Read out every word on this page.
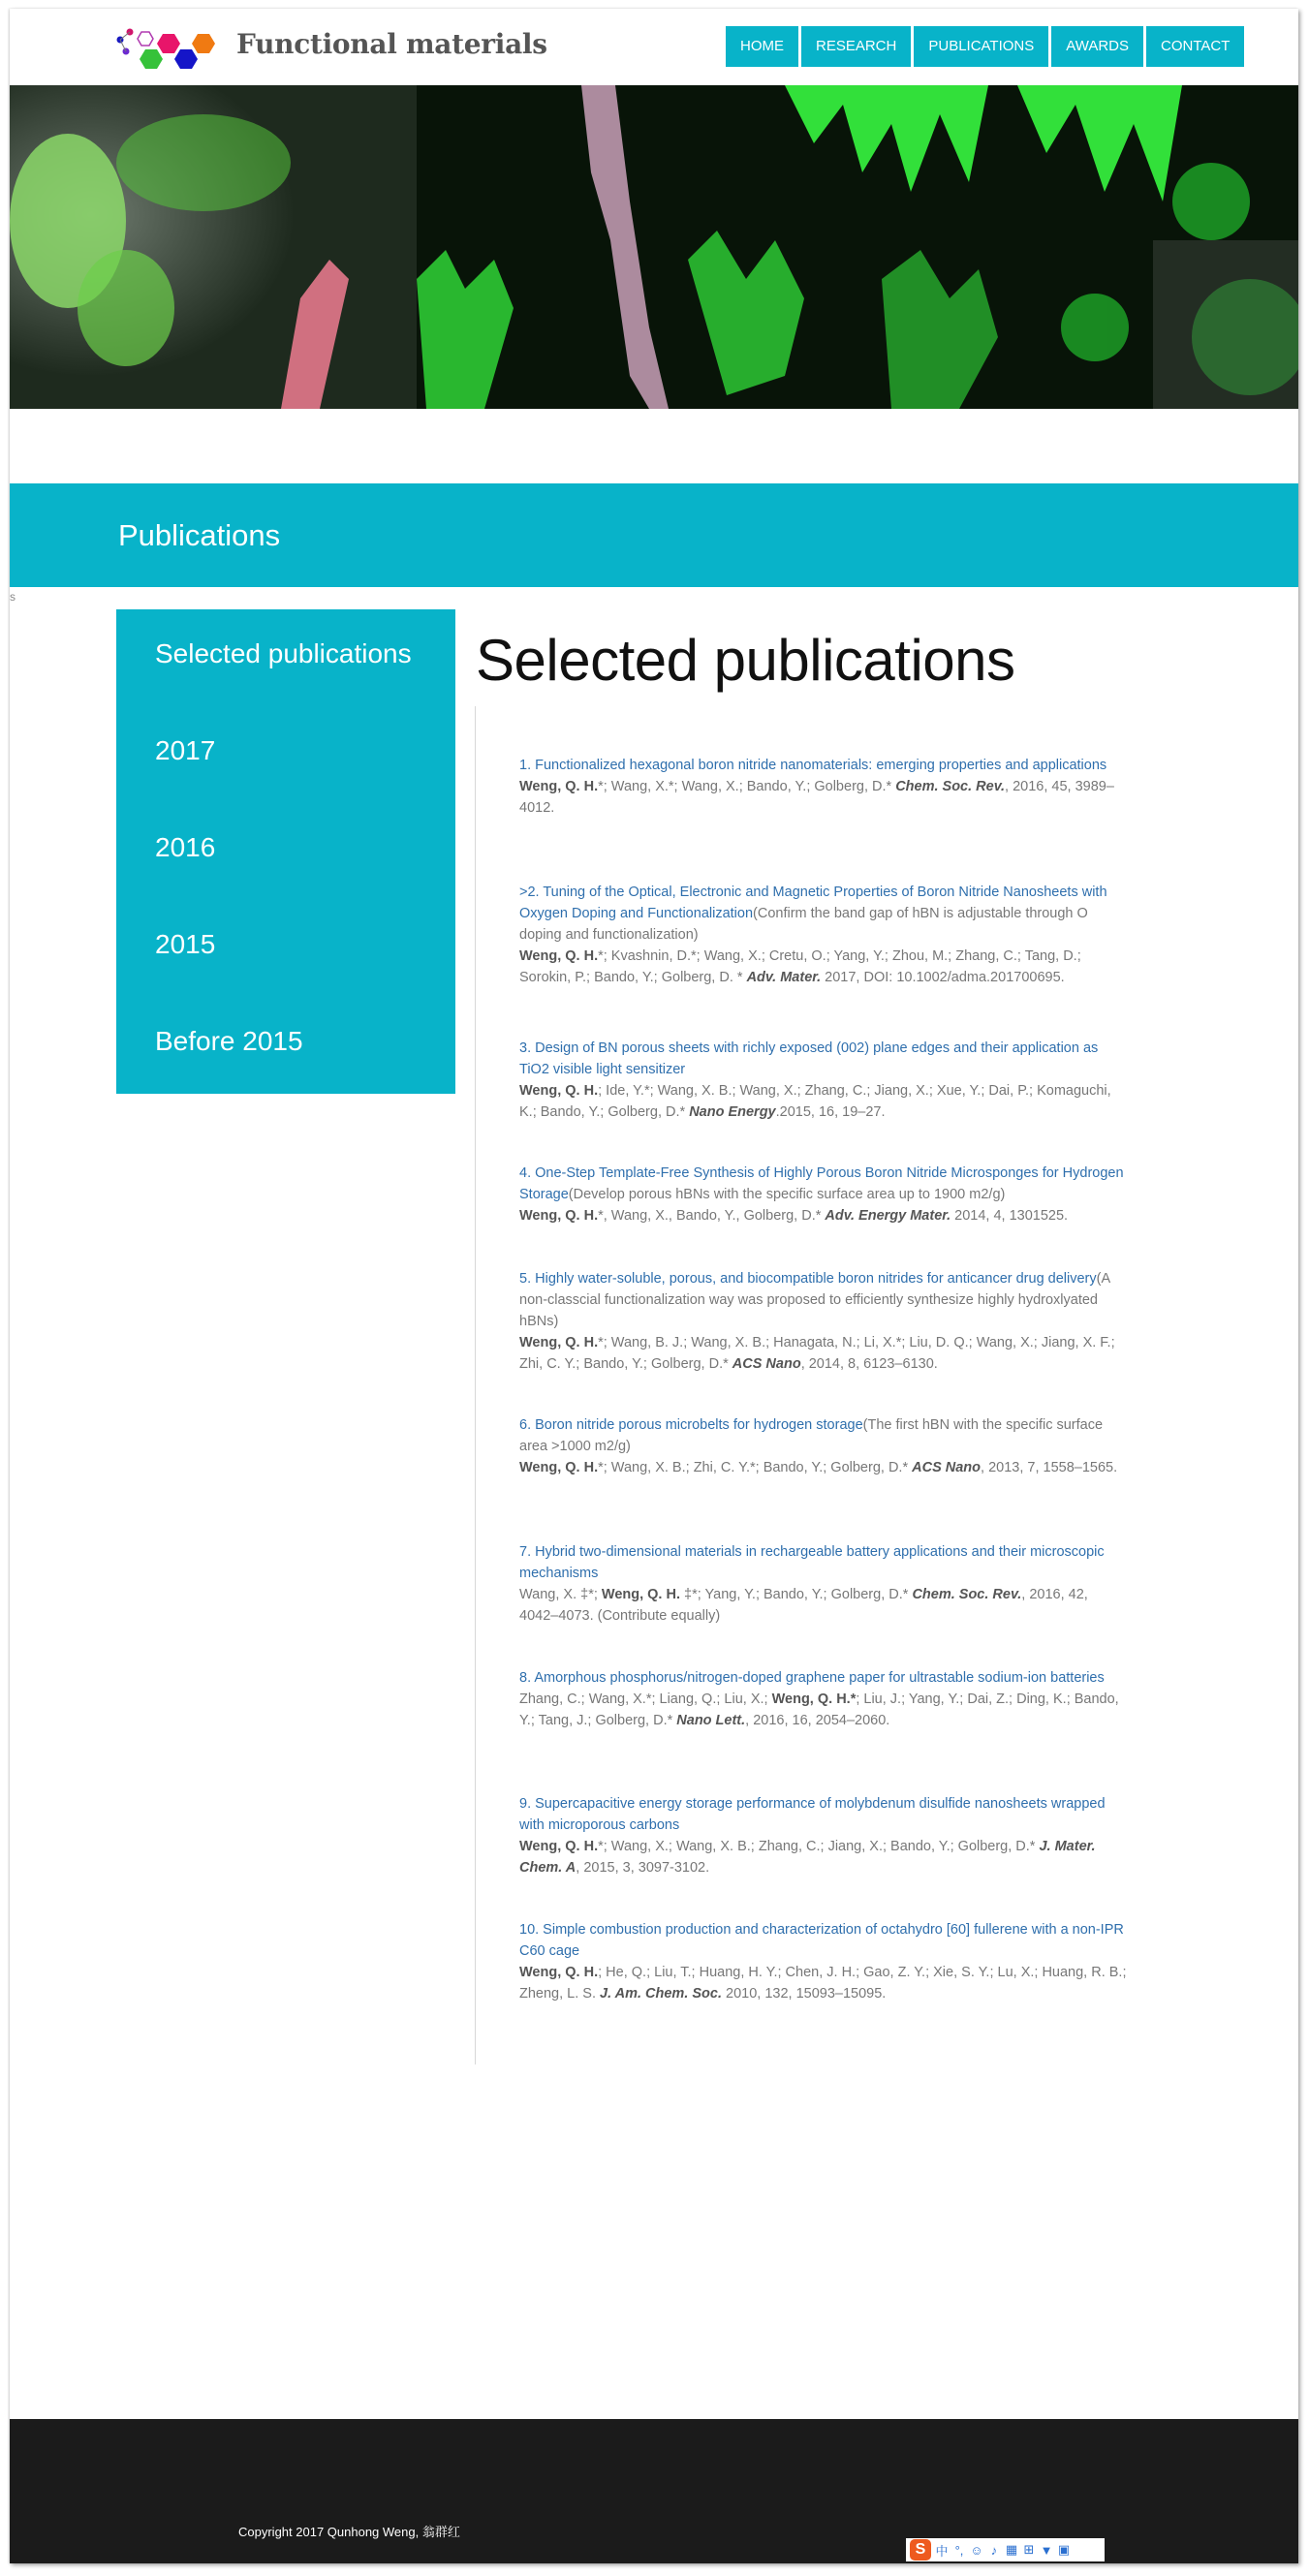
Functional materials	HOME	RESEARCH	PUBLICATIONS	AWARDS	CONTACT
Publications
s
Selected publications
2017
2016
2015
Before 2015
Selected publications
1. Functionalized hexagonal boron nitride nanomaterials: emerging properties and applications
Weng, Q. H.*; Wang, X.*; Wang, X.; Bando, Y.; Golberg, D.* Chem. Soc. Rev., 2016, 45, 3989–4012.
>2. Tuning of the Optical, Electronic and Magnetic Properties of Boron Nitride Nanosheets with Oxygen Doping and Functionalization(Confirm the band gap of hBN is adjustable through O doping and functionalization)
Weng, Q. H.*; Kvashnin, D.*; Wang, X.; Cretu, O.; Yang, Y.; Zhou, M.; Zhang, C.; Tang, D.; Sorokin, P.; Bando, Y.; Golberg, D. * Adv. Mater. 2017, DOI: 10.1002/adma.201700695.
3. Design of BN porous sheets with richly exposed (002) plane edges and their application as TiO2 visible light sensitizer
Weng, Q. H.; Ide, Y.*; Wang, X. B.; Wang, X.; Zhang, C.; Jiang, X.; Xue, Y.; Dai, P.; Komaguchi, K.; Bando, Y.; Golberg, D.* Nano Energy.2015, 16, 19–27.
4. One-Step Template-Free Synthesis of Highly Porous Boron Nitride Microsponges for Hydrogen Storage(Develop porous hBNs with the specific surface area up to 1900 m2/g)
Weng, Q. H.*, Wang, X., Bando, Y., Golberg, D.* Adv. Energy Mater. 2014, 4, 1301525.
5. Highly water-soluble, porous, and biocompatible boron nitrides for anticancer drug delivery(A non-classcial functionalization way was proposed to efficiently synthesize highly hydroxlyated hBNs)
Weng, Q. H.*; Wang, B. J.; Wang, X. B.; Hanagata, N.; Li, X.*; Liu, D. Q.; Wang, X.; Jiang, X. F.; Zhi, C. Y.; Bando, Y.; Golberg, D.* ACS Nano, 2014, 8, 6123–6130.
6. Boron nitride porous microbelts for hydrogen storage(The first hBN with the specific surface area >1000 m2/g)
Weng, Q. H.*; Wang, X. B.; Zhi, C. Y.*; Bando, Y.; Golberg, D.* ACS Nano, 2013, 7, 1558–1565.
7. Hybrid two-dimensional materials in rechargeable battery applications and their microscopic mechanisms
Wang, X. ‡*; Weng, Q. H. ‡*; Yang, Y.; Bando, Y.; Golberg, D.* Chem. Soc. Rev., 2016, 42, 4042–4073. (Contribute equally)
8. Amorphous phosphorus/nitrogen-doped graphene paper for ultrastable sodium-ion batteries
Zhang, C.; Wang, X.*; Liang, Q.; Liu, X.; Weng, Q. H.*; Liu, J.; Yang, Y.; Dai, Z.; Ding, K.; Bando, Y.; Tang, J.; Golberg, D.* Nano Lett., 2016, 16, 2054–2060.
9. Supercapacitive energy storage performance of molybdenum disulfide nanosheets wrapped with microporous carbons
Weng, Q. H.*; Wang, X.; Wang, X. B.; Zhang, C.; Jiang, X.; Bando, Y.; Golberg, D.* J. Mater. Chem. A, 2015, 3, 3097-3102.
10. Simple combustion production and characterization of octahydro [60] fullerene with a non-IPR C60 cage
Weng, Q. H.; He, Q.; Liu, T.; Huang, H. Y.; Chen, J. H.; Gao, Z. Y.; Xie, S. Y.; Lu, X.; Huang, R. B.; Zheng, L. S. J. Am. Chem. Soc. 2010, 132, 15093–15095.
Copyright 2017 Qunhong Weng, 翁群红
S 中 °, ☺ ♪ ▦ ⊞ ▼ ▣
